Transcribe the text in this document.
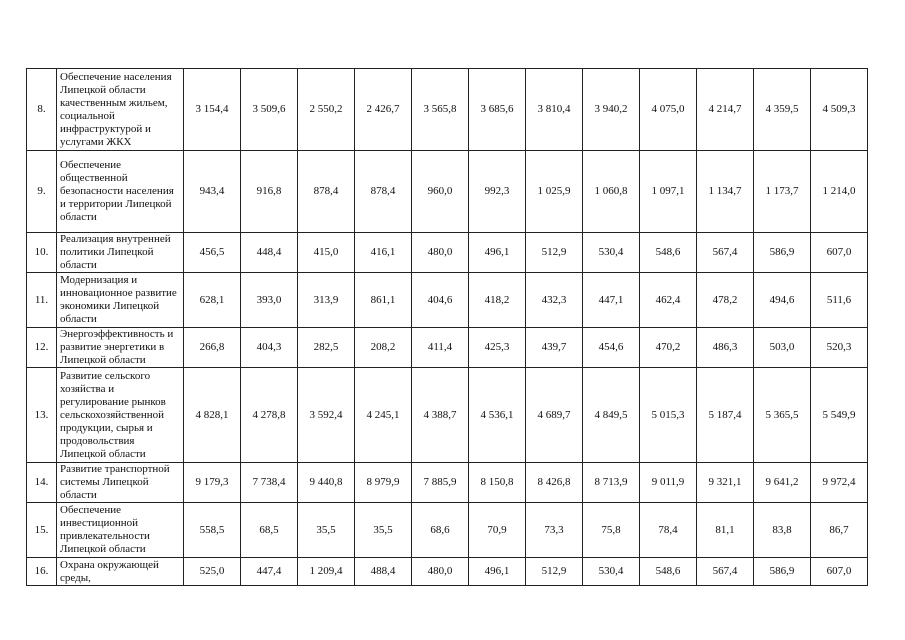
8.	Обеспечение населения Липецкой области качественным жильем, социальной инфраструктурой и услугами ЖКХ	3 154,4	3 509,6	2 550,2	2 426,7	3 565,8	3 685,6	3 810,4	3 940,2	4 075,0	4 214,7	4 359,5	4 509,3
9.	Обеспечение общественной безопасности населения и территории Липецкой области	943,4	916,8	878,4	878,4	960,0	992,3	1 025,9	1 060,8	1 097,1	1 134,7	1 173,7	1 214,0
10.	Реализация внутренней политики Липецкой области	456,5	448,4	415,0	416,1	480,0	496,1	512,9	530,4	548,6	567,4	586,9	607,0
11.	Модернизация и инновационное развитие экономики Липецкой области	628,1	393,0	313,9	861,1	404,6	418,2	432,3	447,1	462,4	478,2	494,6	511,6
12.	Энергоэффективность и развитие энергетики в Липецкой области	266,8	404,3	282,5	208,2	411,4	425,3	439,7	454,6	470,2	486,3	503,0	520,3
13.	Развитие сельского хозяйства и регулирование рынков сельскохозяйственной продукции, сырья и продовольствия Липецкой области	4 828,1	4 278,8	3 592,4	4 245,1	4 388,7	4 536,1	4 689,7	4 849,5	5 015,3	5 187,4	5 365,5	5 549,9
14.	Развитие транспортной системы Липецкой области	9 179,3	7 738,4	9 440,8	8 979,9	7 885,9	8 150,8	8 426,8	8 713,9	9 011,9	9 321,1	9 641,2	9 972,4
15.	Обеспечение инвестиционной привлекательности Липецкой области	558,5	68,5	35,5	35,5	68,6	70,9	73,3	75,8	78,4	81,1	83,8	86,7
16.	Охрана окружающей среды,	525,0	447,4	1 209,4	488,4	480,0	496,1	512,9	530,4	548,6	567,4	586,9	607,0
